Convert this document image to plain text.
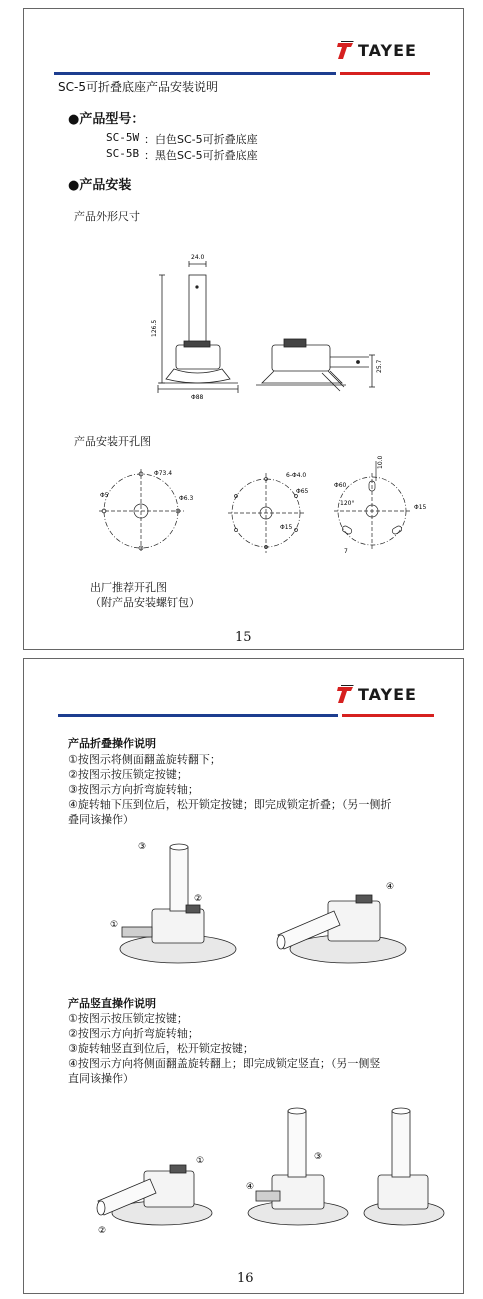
TAYEE
SC-5可折叠底座产品安装说明
●产品型号：
SC-5W ：白色SC-5可折叠底座
SC-5B ：黑色SC-5可折叠底座
●产品安装
产品外形尺寸
24.0
126.5
Φ88
25.7
产品安装开孔图
Φ73.4
Φ6.3
Φ5
6-Φ4.0
Φ65
Φ15
10.0
Φ60
120°
Φ15
7
出厂推荐开孔图
（附产品安装螺钉包）
15
TAYEE
产品折叠操作说明
①按图示将侧面翻盖旋转翻下；
②按图示按压锁定按键；
③按图示方向折弯旋转轴；
④旋转轴下压到位后，松开锁定按键；即完成锁定折叠；（另一侧折
叠同该操作）
③
②
①
④
产品竖直操作说明
①按图示按压锁定按键；
②按图示方向折弯旋转轴；
③旋转轴竖直到位后，松开锁定按键；
④按图示方向将侧面翻盖旋转翻上；即完成锁定竖直；（另一侧竖
直同该操作）
①
②
③
④
16
